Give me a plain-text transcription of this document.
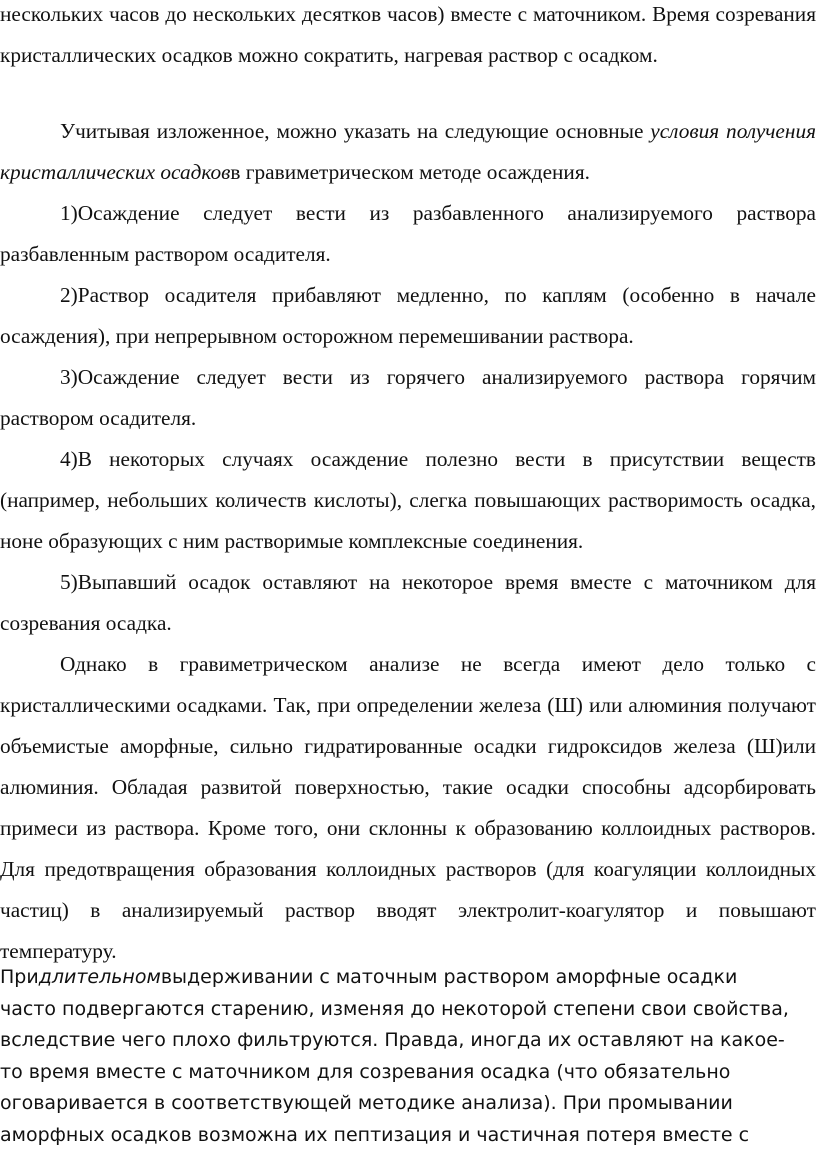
нескольких часов до нескольких десятков часов) вместе с маточником. Время созревания кристаллических осадков можно сократить, нагревая раствор с осадком.

Учитывая изложенное, можно указать на следующие основные условия получения кристаллических осадковв гравиметрическом методе осаждения.

1)Осаждение следует вести из разбавленного анализируемого раствора разбавленным раствором осадителя.

2)Раствор осадителя прибавляют медленно, по каплям (особенно в начале осаждения), при непрерывном осторожном перемешивании раствора.

3)Осаждение следует вести из горячего анализируемого раствора горячим раствором осадителя.

4)В некоторых случаях осаждение полезно вести в присутствии веществ (например, небольших количеств кислоты), слегка повышающих растворимость осадка, ноне образующих с ним растворимые комплексные соединения.

5)Выпавший осадок оставляют на некоторое время вместе с маточником для созревания осадка.

Однако в гравиметрическом анализе не всегда имеют дело только с кристаллическими осадками. Так, при определении железа (Ш) или алюминия получают объемистые аморфные, сильно гидратированные осадки гидроксидов железа (Ш)или алюминия. Обладая развитой поверхностью, такие осадки способны адсорбировать примеси из раствора. Кроме того, они склонны к образованию коллоидных растворов. Для предотвращения образования коллоидных растворов (для коагуляции коллоидных частиц) в анализируемый раствор вводят электролит-коагулятор и повышают температуру.

Придлительномвыдерживании с маточным раствором аморфные осадки часто подвергаются старению, изменяя до некоторой степени свои свойства, вследствие чего плохо фильтруются. Правда, иногда их оставляют на какое-то время вместе с маточником для созревания осадка (что обязательно оговаривается в соответствующей методике анализа). При промывании аморфных осадков возможна их пептизация и частичная потеря вместе с
